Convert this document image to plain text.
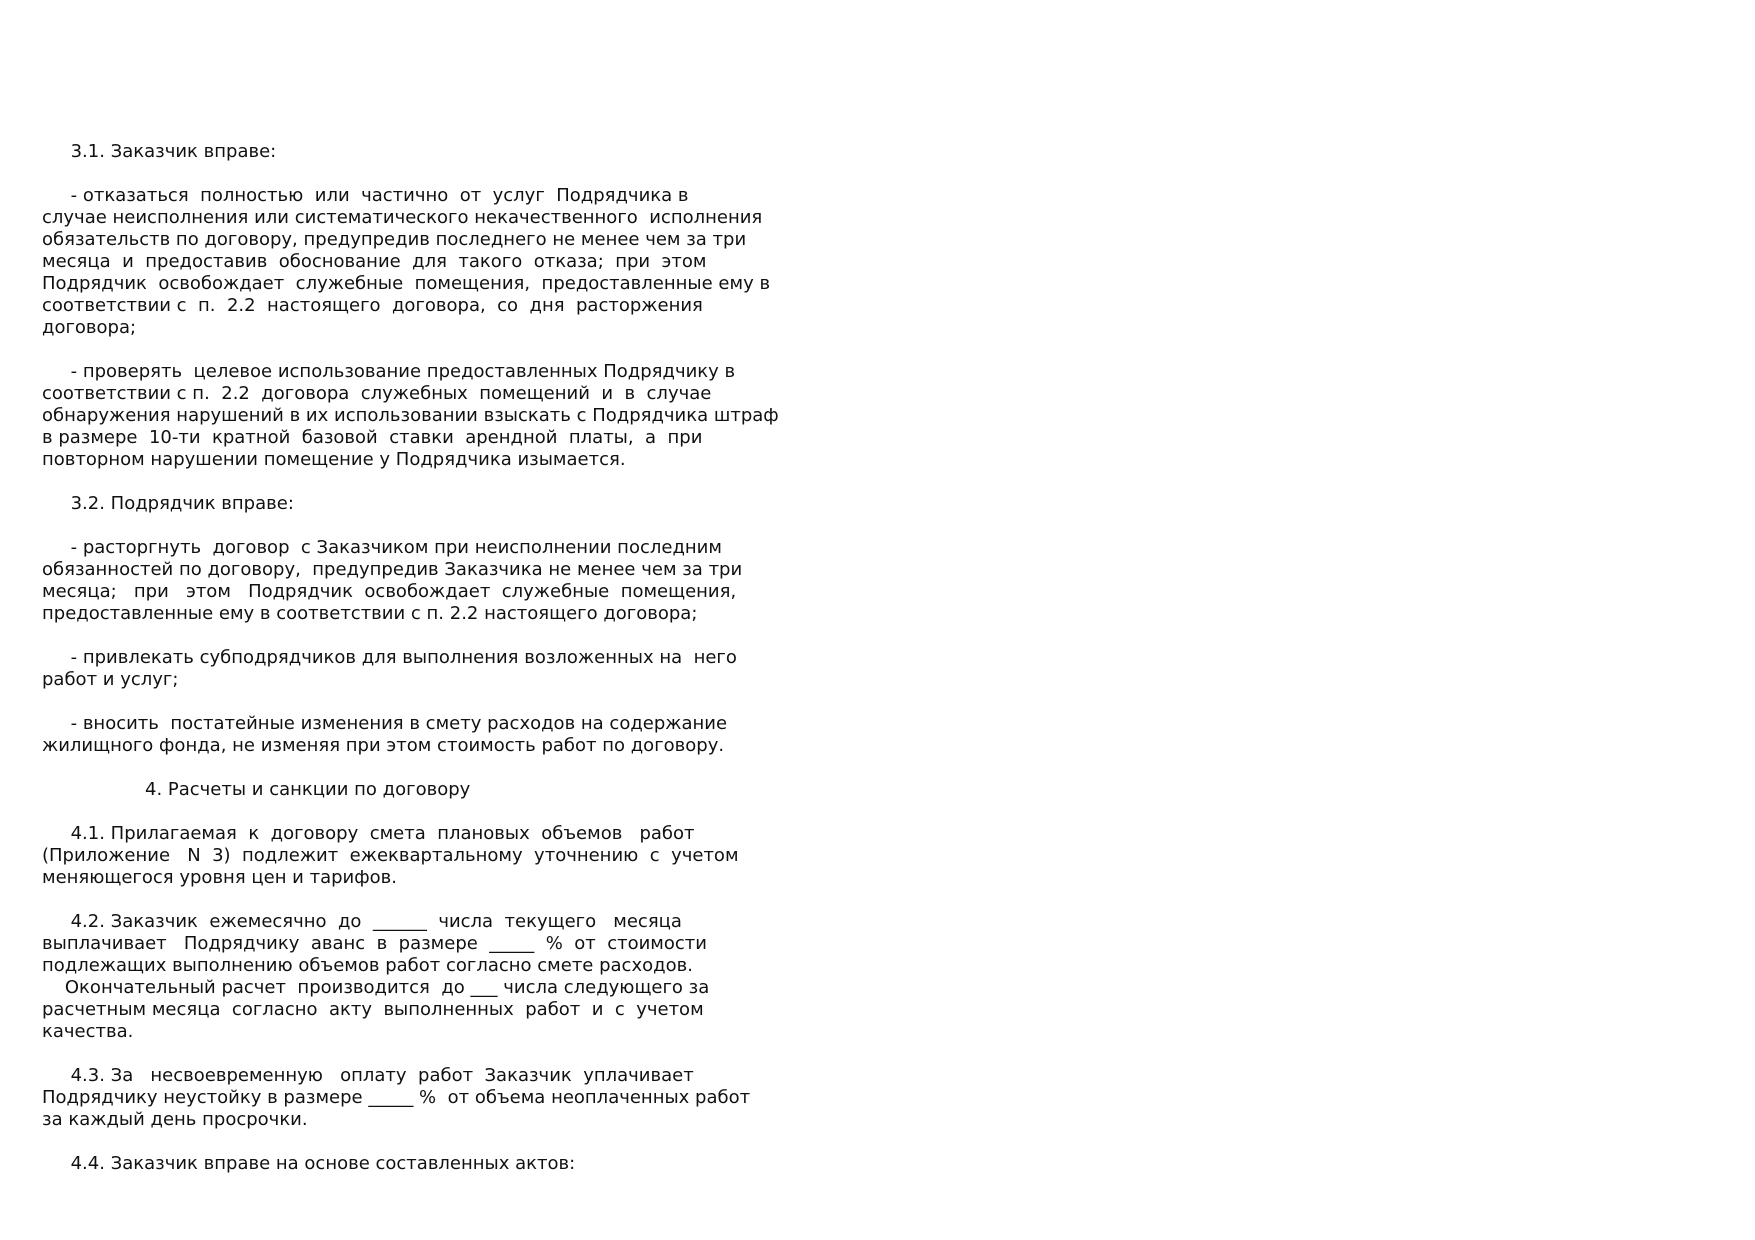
3.1. Заказчик вправе:
- отказаться  полностью  или  частично  от  услуг  Подрядчика в
случае неисполнения или систематического некачественного  исполнения
обязательств по договору, предупредив последнего не менее чем за три
месяца  и  предоставив  обоснование  для  такого  отказа;  при  этом
Подрядчик  освобождает  служебные  помещения,  предоставленные ему в
соответствии с  п.  2.2  настоящего  договора,  со  дня  расторжения
договора;
- проверять  целевое использование предоставленных Подрядчику в
соответствии с п.  2.2  договора  служебных  помещений  и  в  случае
обнаружения нарушений в их использовании взыскать с Подрядчика штраф
в размере  10-ти  кратной  базовой  ставки  арендной  платы,  а  при
повторном нарушении помещение у Подрядчика изымается.
3.2. Подрядчик вправе:
- расторгнуть  договор  с Заказчиком при неисполнении последним
обязанностей по договору,  предупредив Заказчика не менее чем за три
месяца;   при   этом   Подрядчик  освобождает  служебные  помещения,
предоставленные ему в соответствии с п. 2.2 настоящего договора;
- привлекать субподрядчиков для выполнения возложенных на  него
работ и услуг;
- вносить  постатейные изменения в смету расходов на содержание
жилищного фонда, не изменяя при этом стоимость работ по договору.
4. Расчеты и санкции по договору
4.1. Прилагаемая  к  договору  смета  плановых  объемов   работ
(Приложение   N  3)  подлежит  ежеквартальному  уточнению  с  учетом
меняющегося уровня цен и тарифов.
4.2. Заказчик  ежемесячно  до  ______  числа  текущего   месяца
выплачивает   Подрядчику  аванс  в  размере  _____  %  от  стоимости
подлежащих выполнению объемов работ согласно смете расходов.
Окончательный расчет  производится  до ___ числа следующего за
расчетным месяца  согласно  акту  выполненных  работ  и  с  учетом
качества.
4.3. За   несвоевременную   оплату  работ  Заказчик  уплачивает
Подрядчику неустойку в размере _____ %  от объема неоплаченных работ
за каждый день просрочки.
4.4. Заказчик вправе на основе составленных актов:
